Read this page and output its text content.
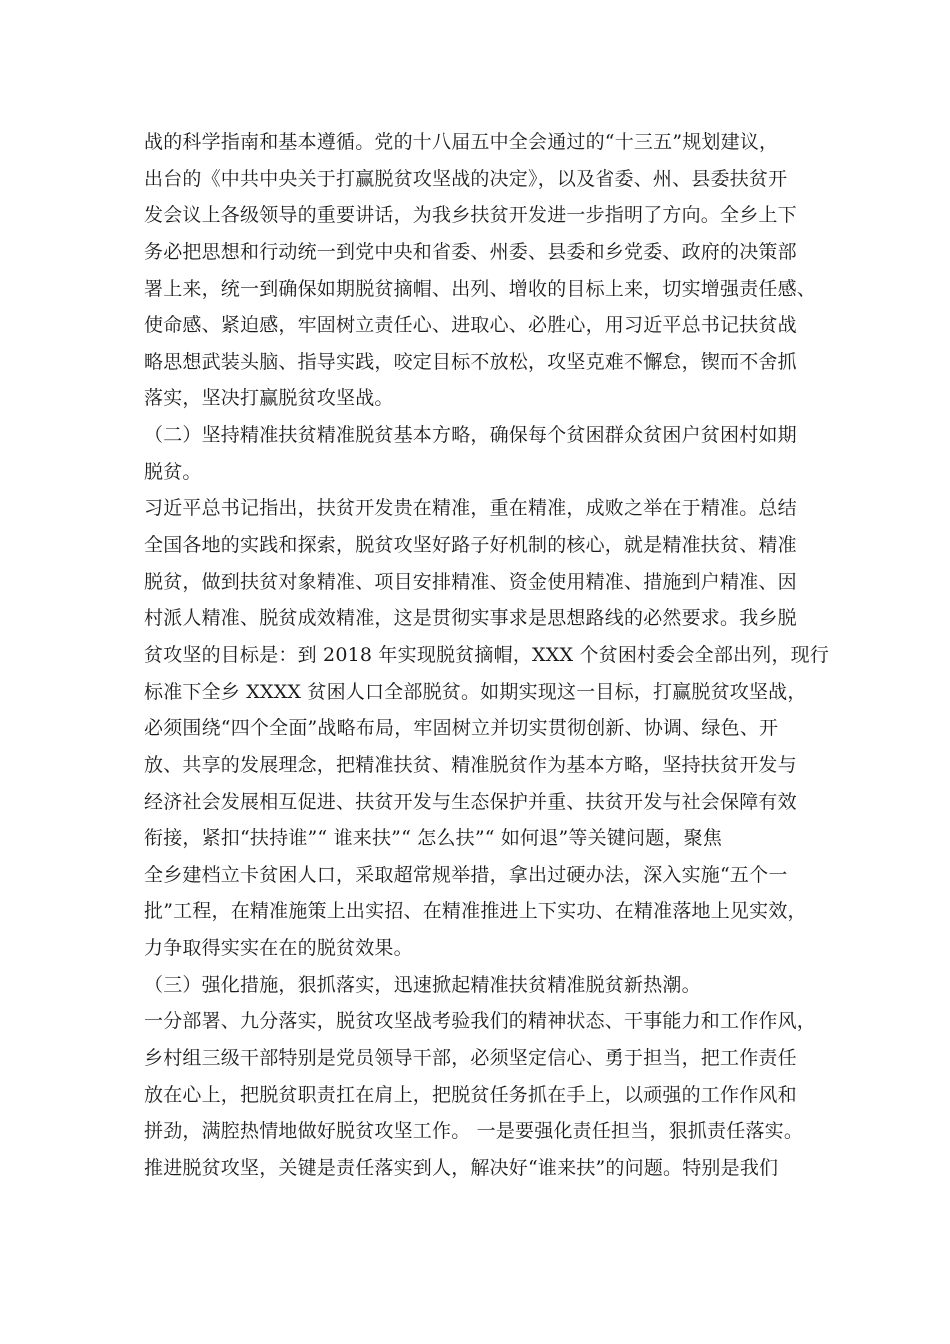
战的科学指南和基本遵循。党的十八届五中全会通过的“十三五”规划建议，

出台的《中共中央关于打赢脱贫攻坚战的决定》，以及省委、州、县委扶贫开

发会议上各级领导的重要讲话，为我乡扶贫开发进一步指明了方向。全乡上下

务必把思想和行动统一到党中央和省委、州委、县委和乡党委、政府的决策部

署上来，统一到确保如期脱贫摘帽、出列、增收的目标上来，切实增强责任感、

使命感、紧迫感，牢固树立责任心、进取心、必胜心，用习近平总书记扶贫战

略思想武装头脑、指导实践，咬定目标不放松，攻坚克难不懈怠，锲而不舍抓

落实，坚决打赢脱贫攻坚战。

（二）坚持精准扶贫精准脱贫基本方略，确保每个贫困群众贫困户贫困村如期

脱贫。

习近平总书记指出，扶贫开发贵在精准，重在精准，成败之举在于精准。总结

全国各地的实践和探索，脱贫攻坚好路子好机制的核心，就是精准扶贫、精准

脱贫，做到扶贫对象精准、项目安排精准、资金使用精准、措施到户精准、因

村派人精准、脱贫成效精准，这是贯彻实事求是思想路线的必然要求。我乡脱

贫攻坚的目标是：到 2018 年实现脱贫摘帽，XXX 个贫困村委会全部出列，现行

标准下全乡 XXXX 贫困人口全部脱贫。如期实现这一目标，打赢脱贫攻坚战，

必须围绕“四个全面”战略布局，牢固树立并切实贯彻创新、协调、绿色、开

放、共享的发展理念，把精准扶贫、精准脱贫作为基本方略，坚持扶贫开发与

经济社会发展相互促进、扶贫开发与生态保护并重、扶贫开发与社会保障有效

衔接，紧扣“扶持谁”“ 谁来扶”“ 怎么扶”“ 如何退”等关键问题，聚焦

全乡建档立卡贫困人口，采取超常规举措，拿出过硬办法，深入实施“五个一

批”工程，在精准施策上出实招、在精准推进上下实功、在精准落地上见实效，

力争取得实实在在的脱贫效果。

（三）强化措施，狠抓落实，迅速掀起精准扶贫精准脱贫新热潮。

一分部署、九分落实，脱贫攻坚战考验我们的精神状态、干事能力和工作作风，

乡村组三级干部特别是党员领导干部，必须坚定信心、勇于担当，把工作责任

放在心上，把脱贫职责扛在肩上，把脱贫任务抓在手上，以顽强的工作作风和

拼劲，满腔热情地做好脱贫攻坚工作。 一是要强化责任担当，狠抓责任落实。

推进脱贫攻坚，关键是责任落实到人，解决好“谁来扶”的问题。特别是我们
